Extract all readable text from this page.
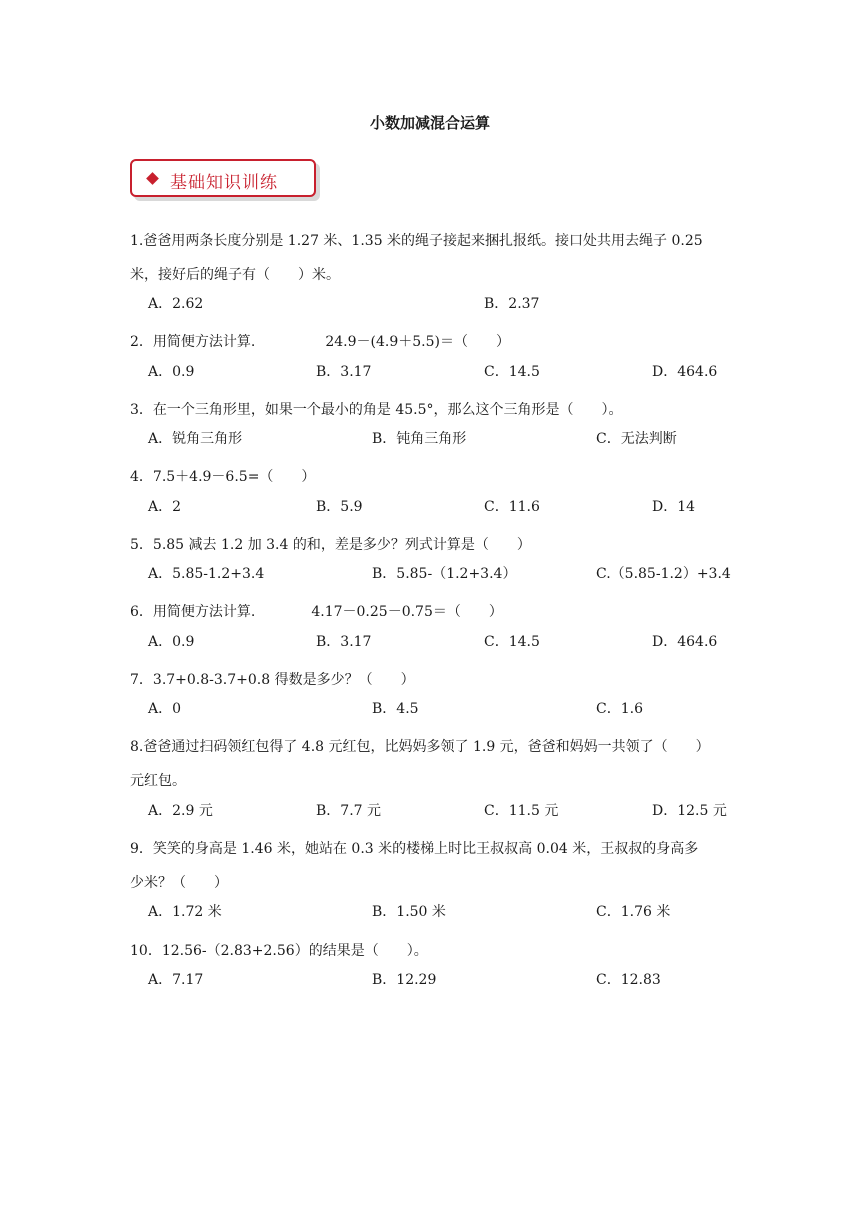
小数加减混合运算
基础知识训练
1.爸爸用两条长度分别是 1.27 米、1.35 米的绳子接起来捆扎报纸。接口处共用去绳子 0.25
米，接好后的绳子有（　　）米。
A．2.62	B．2.37
2．用简便方法计算.　　　　　24.9－(4.9＋5.5)＝（　　）
A．0.9	B．3.17	C．14.5	D．464.6
3．在一个三角形里，如果一个最小的角是 45.5°，那么这个三角形是（　　）。
A．锐角三角形	B．钝角三角形	C．无法判断
4．7.5＋4.9－6.5=（　　）
A．2	B．5.9	C．11.6	D．14
5．5.85 减去 1.2 加 3.4 的和，差是多少？列式计算是（　　）
A．5.85-1.2+3.4	B．5.85-（1.2+3.4）	C.（5.85-1.2）+3.4
6．用简便方法计算.　　　　4.17－0.25－0.75＝（　　）
A．0.9	B．3.17	C．14.5	D．464.6
7．3.7+0.8-3.7+0.8 得数是多少？（　　）
A．0	B．4.5	C．1.6
8.爸爸通过扫码领红包得了 4.8 元红包，比妈妈多领了 1.9 元，爸爸和妈妈一共领了（　　）
元红包。
A．2.9 元	B．7.7 元	C．11.5 元	D．12.5 元
9．笑笑的身高是 1.46 米，她站在 0.3 米的楼梯上时比王叔叔高 0.04 米，王叔叔的身高多
少米？（　　）
A．1.72 米	B．1.50 米	C．1.76 米
10．12.56-（2.83+2.56）的结果是（　　）。
A．7.17	B．12.29	C．12.83
